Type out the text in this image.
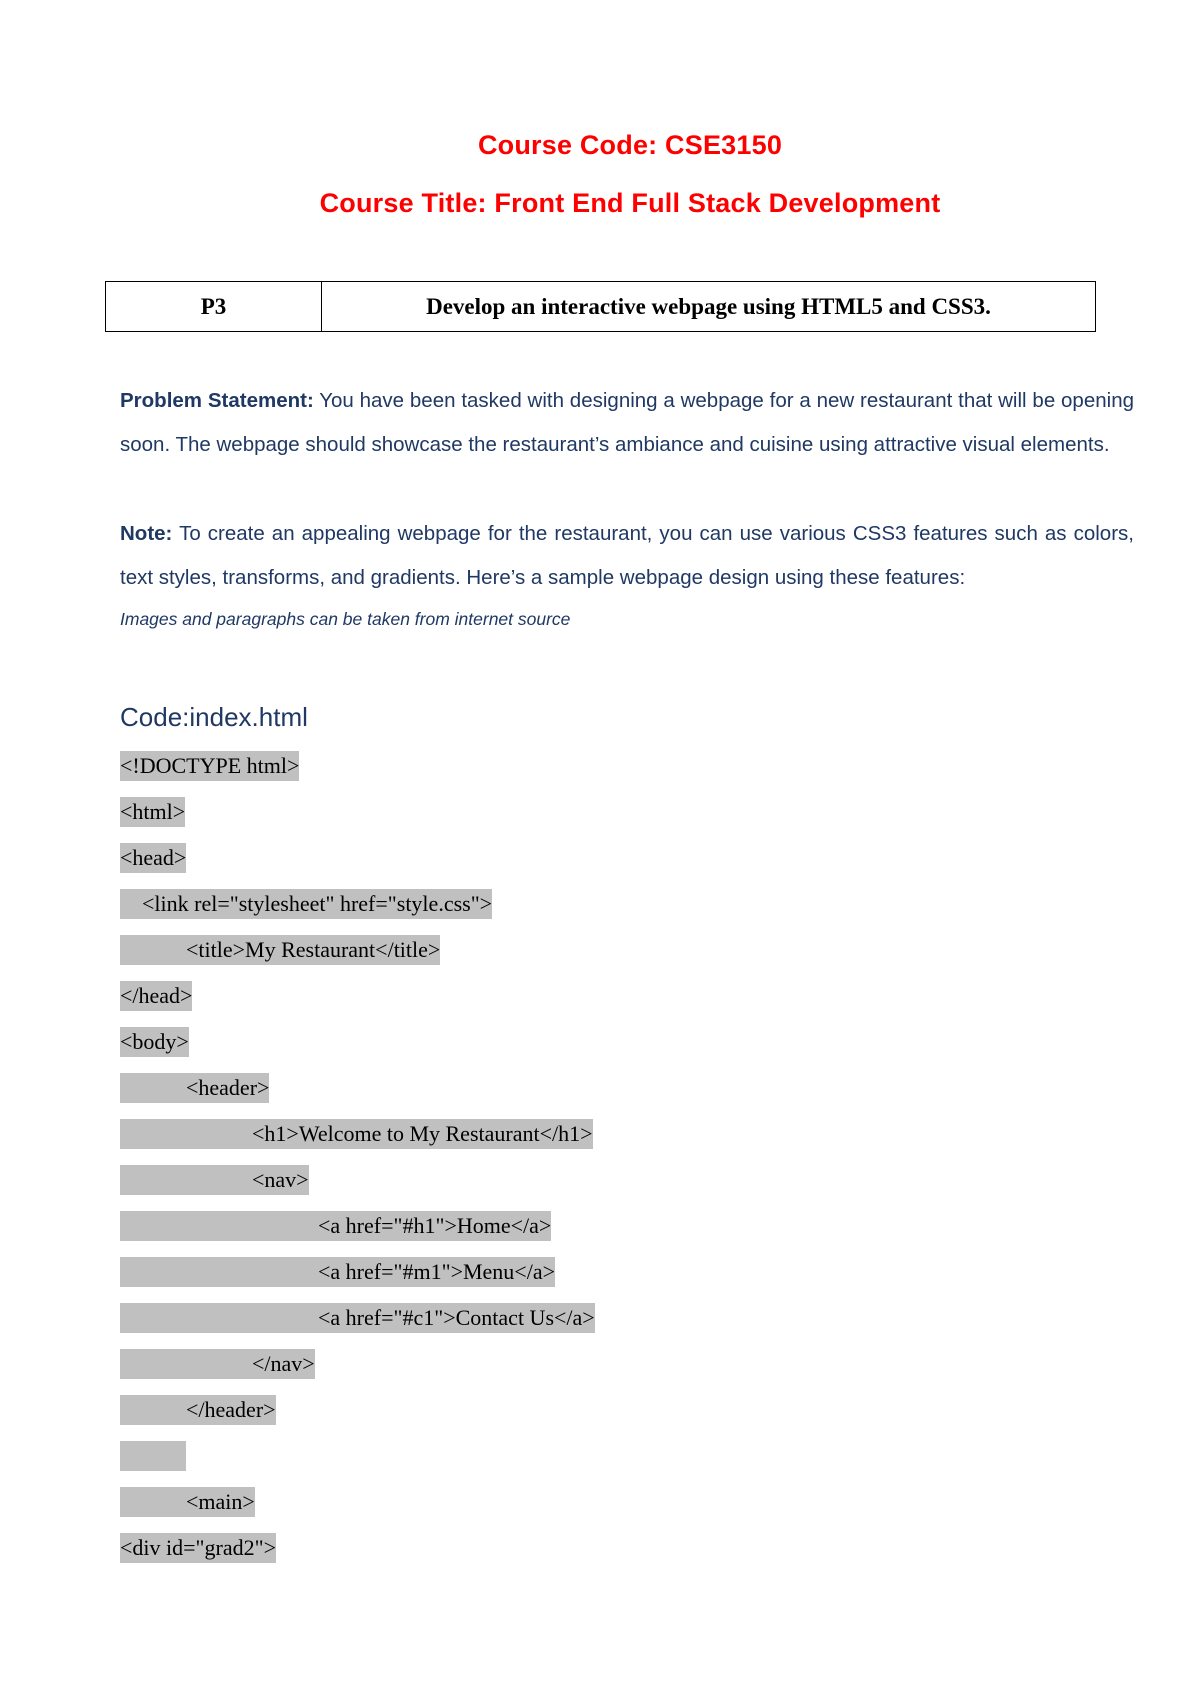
Course Code: CSE3150
Course Title: Front End Full Stack Development
P3	Develop an interactive webpage using HTML5 and CSS3.
Problem Statement: You have been tasked with designing a webpage for a new restaurant that will be opening soon. The webpage should showcase the restaurant’s ambiance and cuisine using attractive visual elements.
Note: To create an appealing webpage for the restaurant, you can use various CSS3 features such as colors, text styles, transforms, and gradients. Here’s a sample webpage design using these features:
Images and paragraphs can be taken from internet source
Code:index.html
<!DOCTYPE html>
<html>
<head>
<link rel="stylesheet" href="style.css">
<title>My Restaurant</title>
</head>
<body>
<header>
<h1>Welcome to My Restaurant</h1>
<nav>
<a href="#h1">Home</a>
<a href="#m1">Menu</a>
<a href="#c1">Contact Us</a>
</nav>
</header>

<main>
<div id="grad2">
